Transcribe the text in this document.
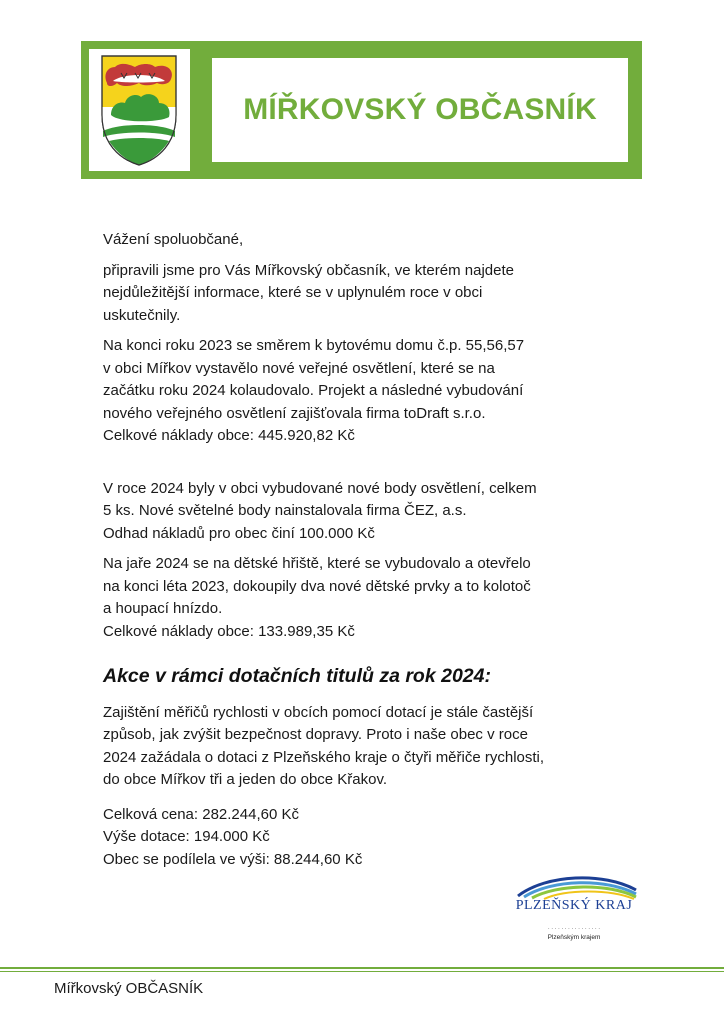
MÍŘKOVSKÝ OBČASNÍK

Vážení spoluobčané,

připravili jsme pro Vás Mířkovský občasník, ve kterém najdete
nejdůležitější informace, které se v uplynulém roce v obci
uskutečnily.

Na konci roku 2023 se směrem k bytovému domu č.p. 55,56,57
v obci Mířkov vystavělo nové veřejné osvětlení, které se na
začátku roku 2024 kolaudovalo. Projekt a následné vybudování
nového veřejného osvětlení zajišťovala firma toDraft s.r.o.
Celkové náklady obce: 445.920,82 Kč

V roce 2024 byly v obci vybudované nové body osvětlení, celkem
5 ks. Nové světelné body nainstalovala firma ČEZ, a.s.
Odhad nákladů pro obec činí 100.000 Kč

Na jaře 2024 se na dětské hřiště, které se vybudovalo a otevřelo
na konci léta 2023, dokoupily dva nové dětské prvky a to kolotoč
a houpací hnízdo.
Celkové náklady obce: 133.989,35 Kč

Akce v rámci dotačních titulů za rok 2024:

Zajištění měřičů rychlosti v obcích pomocí dotací je stále častější
způsob, jak zvýšit bezpečnost dopravy. Proto i naše obec v roce
2024 zažádala o dotaci z Plzeňského kraje o čtyři měřiče rychlosti,
do obce Mířkov tři a jeden do obce Křakov.

Celková cena: 282.244,60 Kč
Výše dotace: 194.000 Kč
Obec se podílela ve výši: 88.244,60 Kč

PLZEŇSKÝ KRAJ
· · · · · · · · · · · · · · · ·
Plzeňským krajem
Mířkovský OBČASNÍK
